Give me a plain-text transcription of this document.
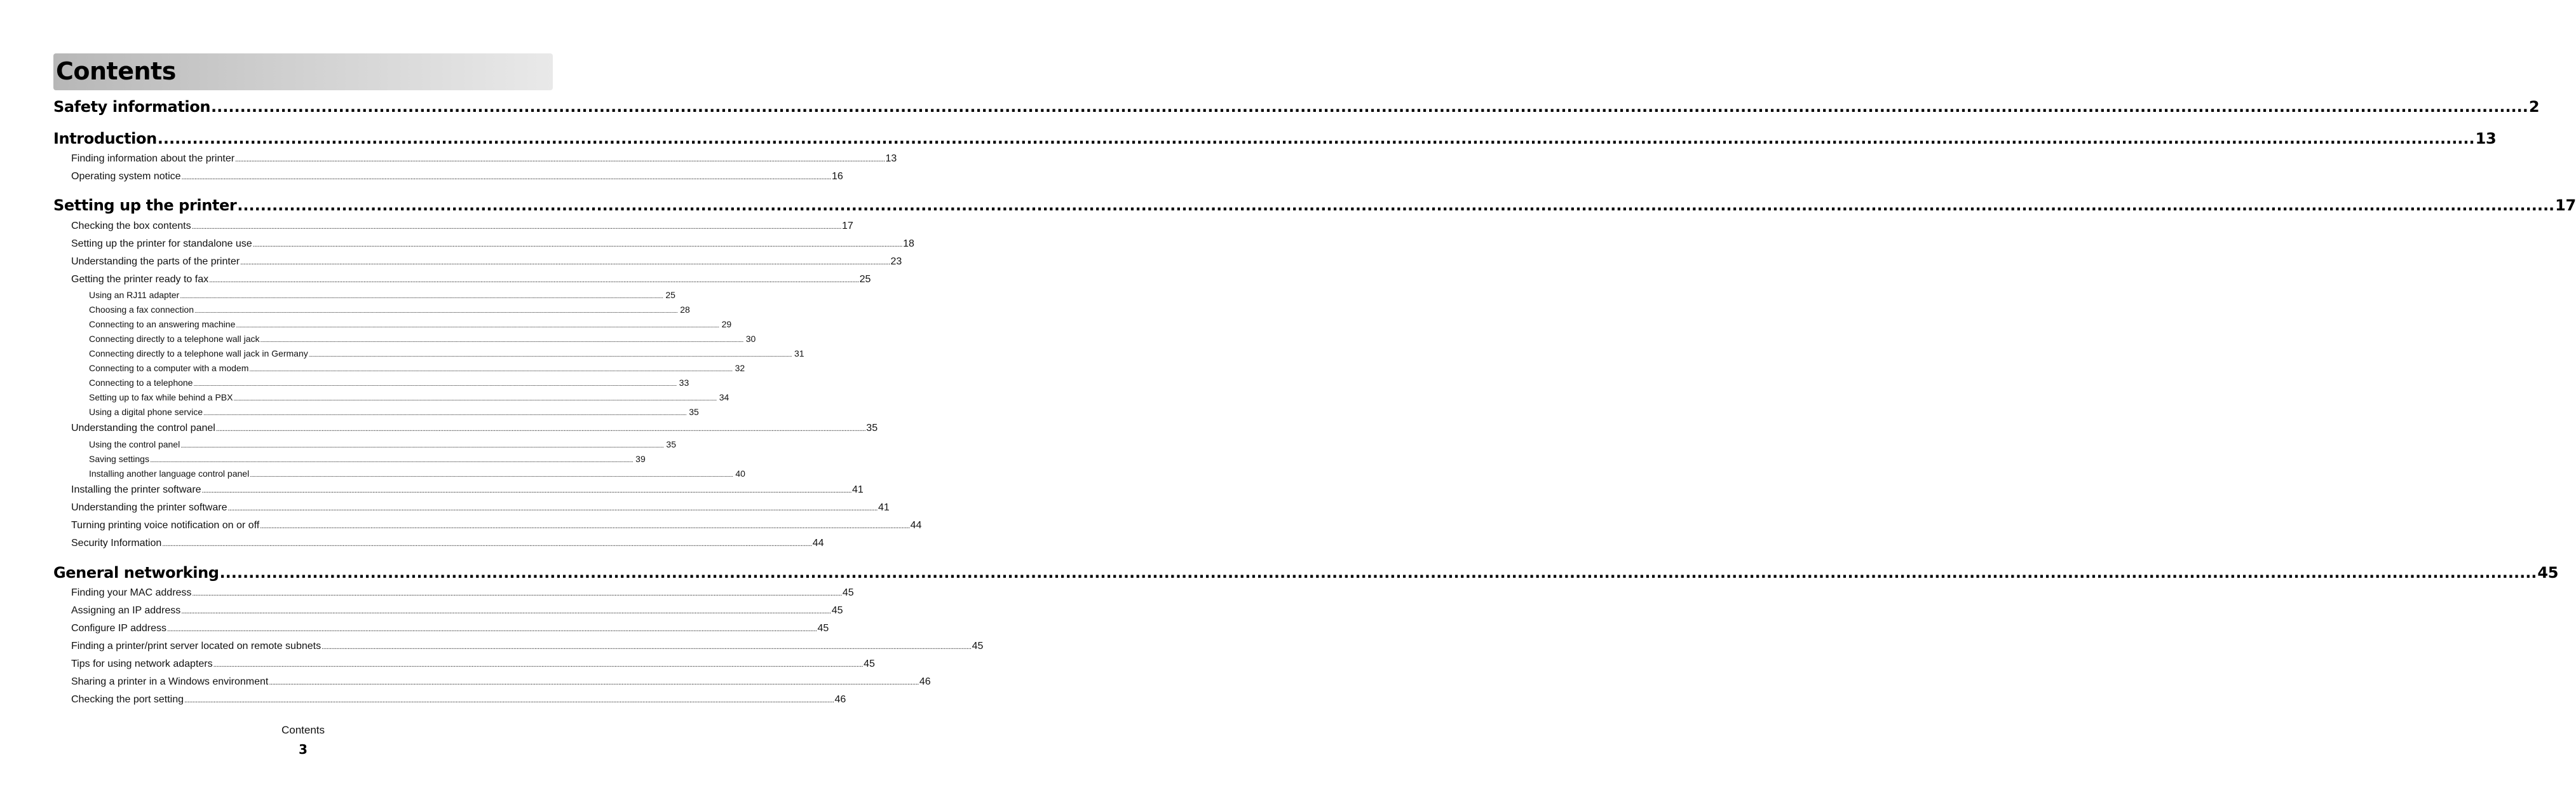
Contents
Safety information ................................................................................................................................................................................................................................................................................................................................................................................................................ 2
Introduction ................................................................................................................................................................................................................................................................................................................................................................................................................ 13
Finding information about the printer ................................................................................................................................................................................................................................................................................................................................................................................................................ 13
Operating system notice ................................................................................................................................................................................................................................................................................................................................................................................................................ 16
Setting up the printer ................................................................................................................................................................................................................................................................................................................................................................................................................ 17
Checking the box contents ................................................................................................................................................................................................................................................................................................................................................................................................................ 17
Setting up the printer for standalone use ................................................................................................................................................................................................................................................................................................................................................................................................................ 18
Understanding the parts of the printer ................................................................................................................................................................................................................................................................................................................................................................................................................ 23
Getting the printer ready to fax ................................................................................................................................................................................................................................................................................................................................................................................................................ 25
Using an RJ11 adapter ................................................................................................................................................................................................................................................................................................................................................................................................................ 25
Choosing a fax connection ................................................................................................................................................................................................................................................................................................................................................................................................................ 28
Connecting to an answering machine ................................................................................................................................................................................................................................................................................................................................................................................................................ 29
Connecting directly to a telephone wall jack ................................................................................................................................................................................................................................................................................................................................................................................................................ 30
Connecting directly to a telephone wall jack in Germany ................................................................................................................................................................................................................................................................................................................................................................................................................ 31
Connecting to a computer with a modem ................................................................................................................................................................................................................................................................................................................................................................................................................ 32
Connecting to a telephone ................................................................................................................................................................................................................................................................................................................................................................................................................ 33
Setting up to fax while behind a PBX ................................................................................................................................................................................................................................................................................................................................................................................................................ 34
Using a digital phone service ................................................................................................................................................................................................................................................................................................................................................................................................................ 35
Understanding the control panel ................................................................................................................................................................................................................................................................................................................................................................................................................ 35
Using the control panel ................................................................................................................................................................................................................................................................................................................................................................................................................ 35
Saving settings ................................................................................................................................................................................................................................................................................................................................................................................................................ 39
Installing another language control panel ................................................................................................................................................................................................................................................................................................................................................................................................................ 40
Installing the printer software ................................................................................................................................................................................................................................................................................................................................................................................................................ 41
Understanding the printer software ................................................................................................................................................................................................................................................................................................................................................................................................................ 41
Turning printing voice notification on or off ................................................................................................................................................................................................................................................................................................................................................................................................................ 44
Security Information ................................................................................................................................................................................................................................................................................................................................................................................................................ 44
General networking ................................................................................................................................................................................................................................................................................................................................................................................................................ 45
Finding your MAC address ................................................................................................................................................................................................................................................................................................................................................................................................................ 45
Assigning an IP address ................................................................................................................................................................................................................................................................................................................................................................................................................ 45
Configure IP address ................................................................................................................................................................................................................................................................................................................................................................................................................ 45
Finding a printer/print server located on remote subnets ................................................................................................................................................................................................................................................................................................................................................................................................................ 45
Tips for using network adapters ................................................................................................................................................................................................................................................................................................................................................................................................................ 45
Sharing a printer in a Windows environment ................................................................................................................................................................................................................................................................................................................................................................................................................ 46
Checking the port setting ................................................................................................................................................................................................................................................................................................................................................................................................................ 46
Contents
3
